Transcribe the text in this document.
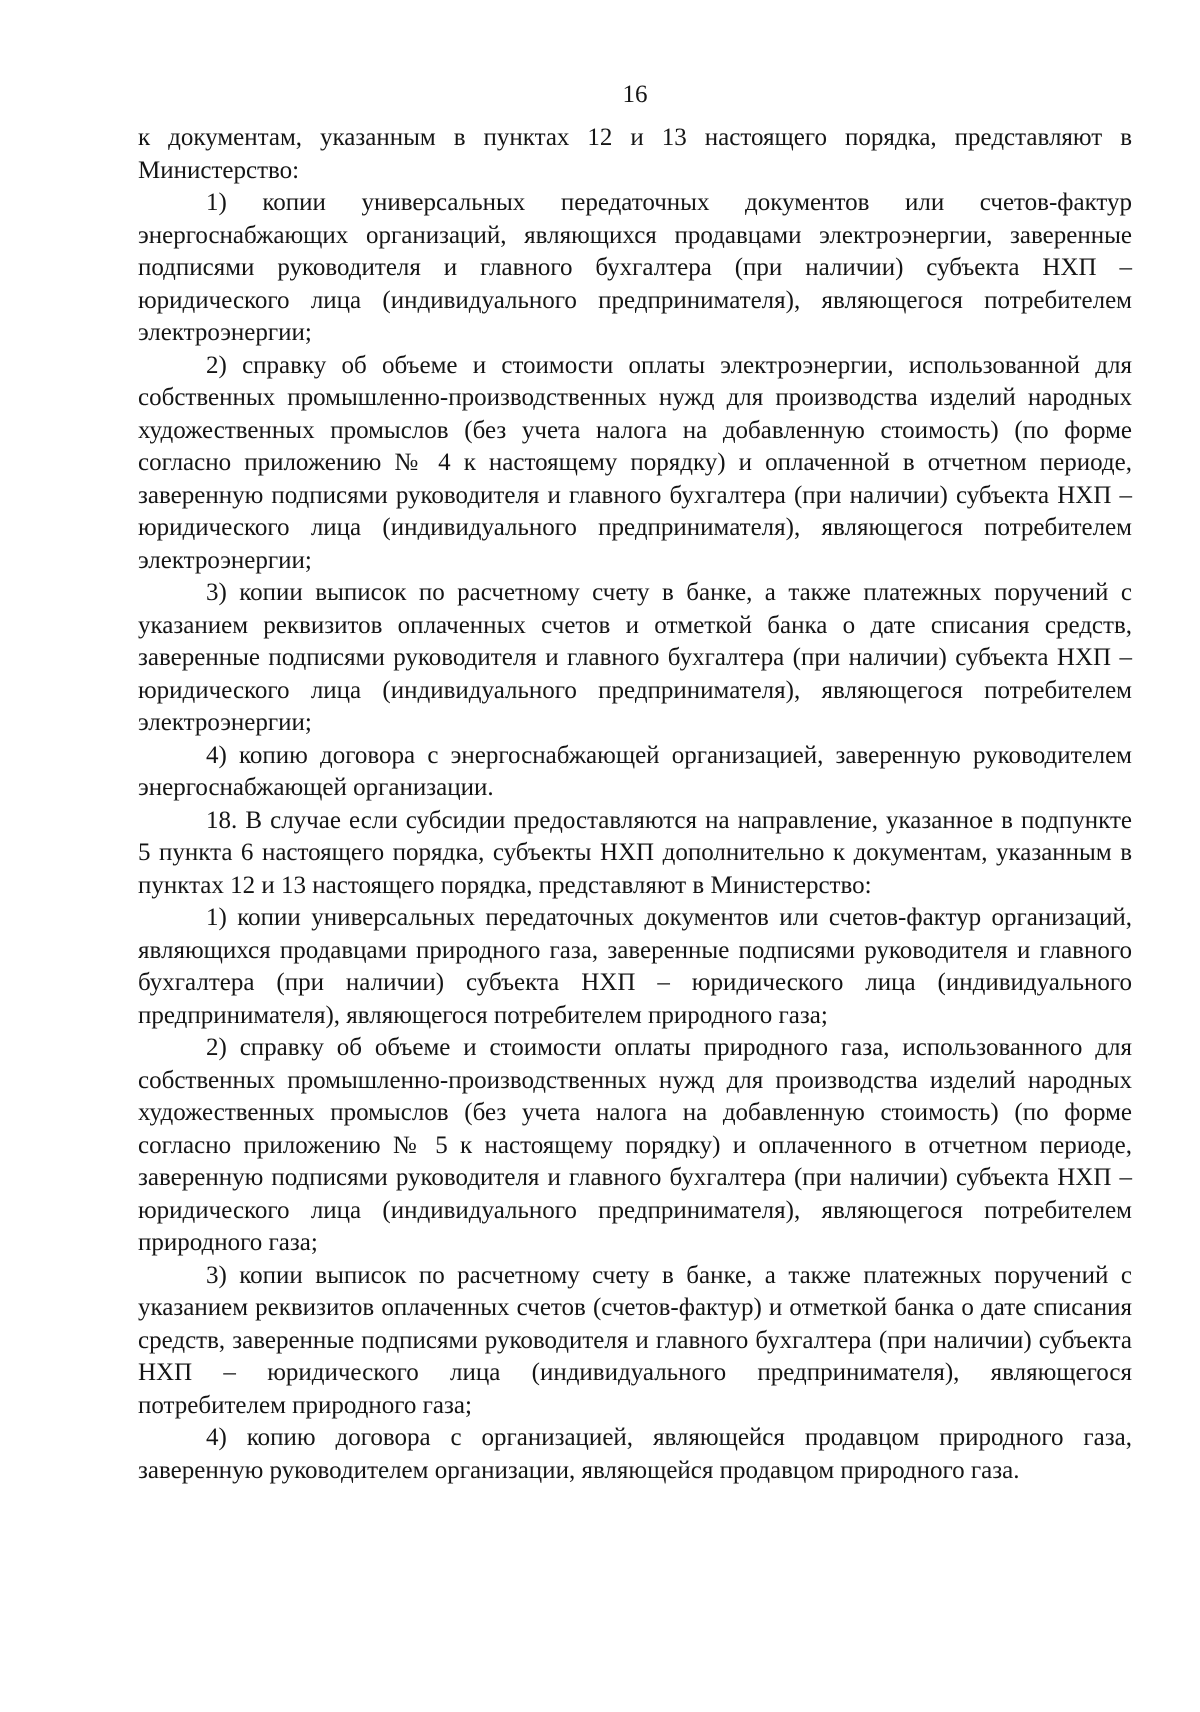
16

к документам, указанным в пунктах 12 и 13 настоящего порядка, представляют в Министерство:

1) копии универсальных передаточных документов или счетов-фактур энергоснабжающих организаций, являющихся продавцами электроэнергии, заверенные подписями руководителя и главного бухгалтера (при наличии) субъекта НХП – юридического лица (индивидуального предпринимателя), являющегося потребителем электроэнергии;

2) справку об объеме и стоимости оплаты электроэнергии, использованной для собственных промышленно-производственных нужд для производства изделий народных художественных промыслов (без учета налога на добавленную стоимость) (по форме согласно приложению № 4 к настоящему порядку) и оплаченной в отчетном периоде, заверенную подписями руководителя и главного бухгалтера (при наличии) субъекта НХП – юридического лица (индивидуального предпринимателя), являющегося потребителем электроэнергии;

3) копии выписок по расчетному счету в банке, а также платежных поручений с указанием реквизитов оплаченных счетов и отметкой банка о дате списания средств, заверенные подписями руководителя и главного бухгалтера (при наличии) субъекта НХП – юридического лица (индивидуального предпринимателя), являющегося потребителем электроэнергии;

4) копию договора с энергоснабжающей организацией, заверенную руководителем энергоснабжающей организации.

18. В случае если субсидии предоставляются на направление, указанное в подпункте 5 пункта 6 настоящего порядка, субъекты НХП дополнительно к документам, указанным в пунктах 12 и 13 настоящего порядка, представляют в Министерство:

1) копии универсальных передаточных документов или счетов-фактур организаций, являющихся продавцами природного газа, заверенные подписями руководителя и главного бухгалтера (при наличии) субъекта НХП – юридического лица (индивидуального предпринимателя), являющегося потребителем природного газа;

2) справку об объеме и стоимости оплаты природного газа, использованного для собственных промышленно-производственных нужд для производства изделий народных художественных промыслов (без учета налога на добавленную стоимость) (по форме согласно приложению № 5 к настоящему порядку) и оплаченного в отчетном периоде, заверенную подписями руководителя и главного бухгалтера (при наличии) субъекта НХП – юридического лица (индивидуального предпринимателя), являющегося потребителем природного газа;

3) копии выписок по расчетному счету в банке, а также платежных поручений с указанием реквизитов оплаченных счетов (счетов-фактур) и отметкой банка о дате списания средств, заверенные подписями руководителя и главного бухгалтера (при наличии) субъекта НХП – юридического лица (индивидуального предпринимателя), являющегося потребителем природного газа;

4) копию договора с организацией, являющейся продавцом природного газа, заверенную руководителем организации, являющейся продавцом природного газа.
